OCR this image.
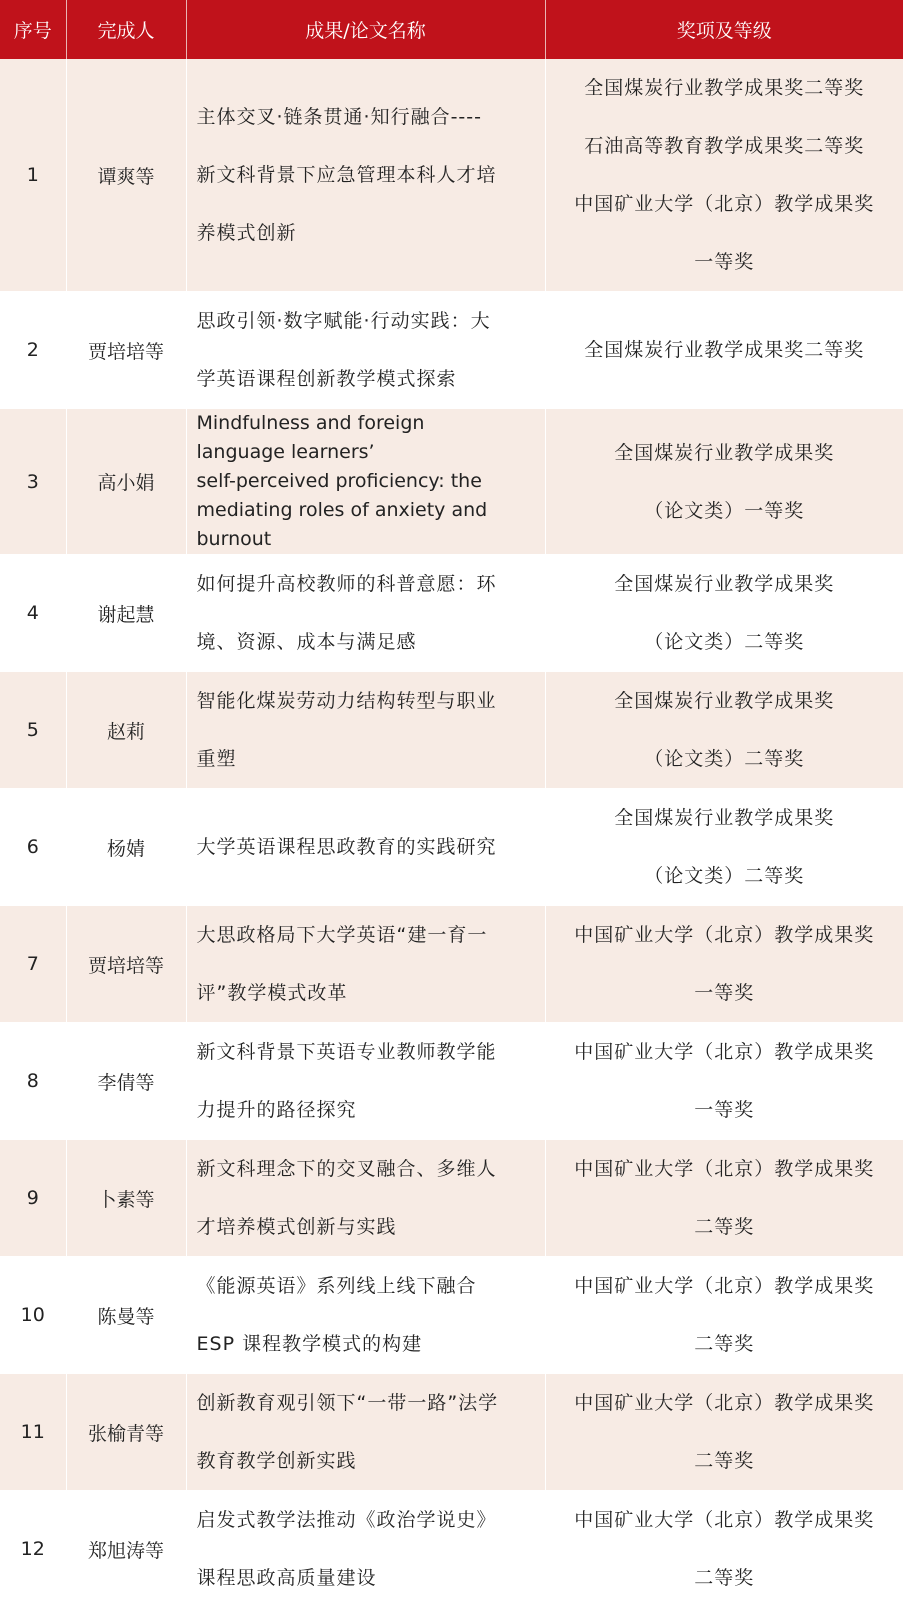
序号	完成人	成果/论文名称	奖项及等级
1	谭爽等	主体交叉·链条贯通·知行融合----
新文科背景下应急管理本科人才培
养模式创新	全国煤炭行业教学成果奖二等奖
石油高等教育教学成果奖二等奖
中国矿业大学（北京）教学成果奖
一等奖

2	贾培培等	思政引领·数字赋能·行动实践：大
学英语课程创新教学模式探索	全国煤炭行业教学成果奖二等奖

3	高小娟	Mindfulness and foreign
language learners’
self-perceived proficiency: the
mediating roles of anxiety and
burnout	全国煤炭行业教学成果奖
（论文类）一等奖

4	谢起慧	如何提升高校教师的科普意愿：环
境、资源、成本与满足感	全国煤炭行业教学成果奖
（论文类）二等奖

5	赵莉	智能化煤炭劳动力结构转型与职业
重塑	全国煤炭行业教学成果奖
（论文类）二等奖

6	杨婧	大学英语课程思政教育的实践研究	全国煤炭行业教学成果奖
（论文类）二等奖

7	贾培培等	大思政格局下大学英语“建一育一
评”教学模式改革	中国矿业大学（北京）教学成果奖
一等奖

8	李倩等	新文科背景下英语专业教师教学能
力提升的路径探究	中国矿业大学（北京）教学成果奖
一等奖

9	卜素等	新文科理念下的交叉融合、多维人
才培养模式创新与实践	中国矿业大学（北京）教学成果奖
二等奖

10	陈曼等	《能源英语》系列线上线下融合
ESP 课程教学模式的构建	中国矿业大学（北京）教学成果奖
二等奖

11	张榆青等	创新教育观引领下“一带一路”法学
教育教学创新实践	中国矿业大学（北京）教学成果奖
二等奖

12	郑旭涛等	启发式教学法推动《政治学说史》
课程思政高质量建设	中国矿业大学（北京）教学成果奖
二等奖
